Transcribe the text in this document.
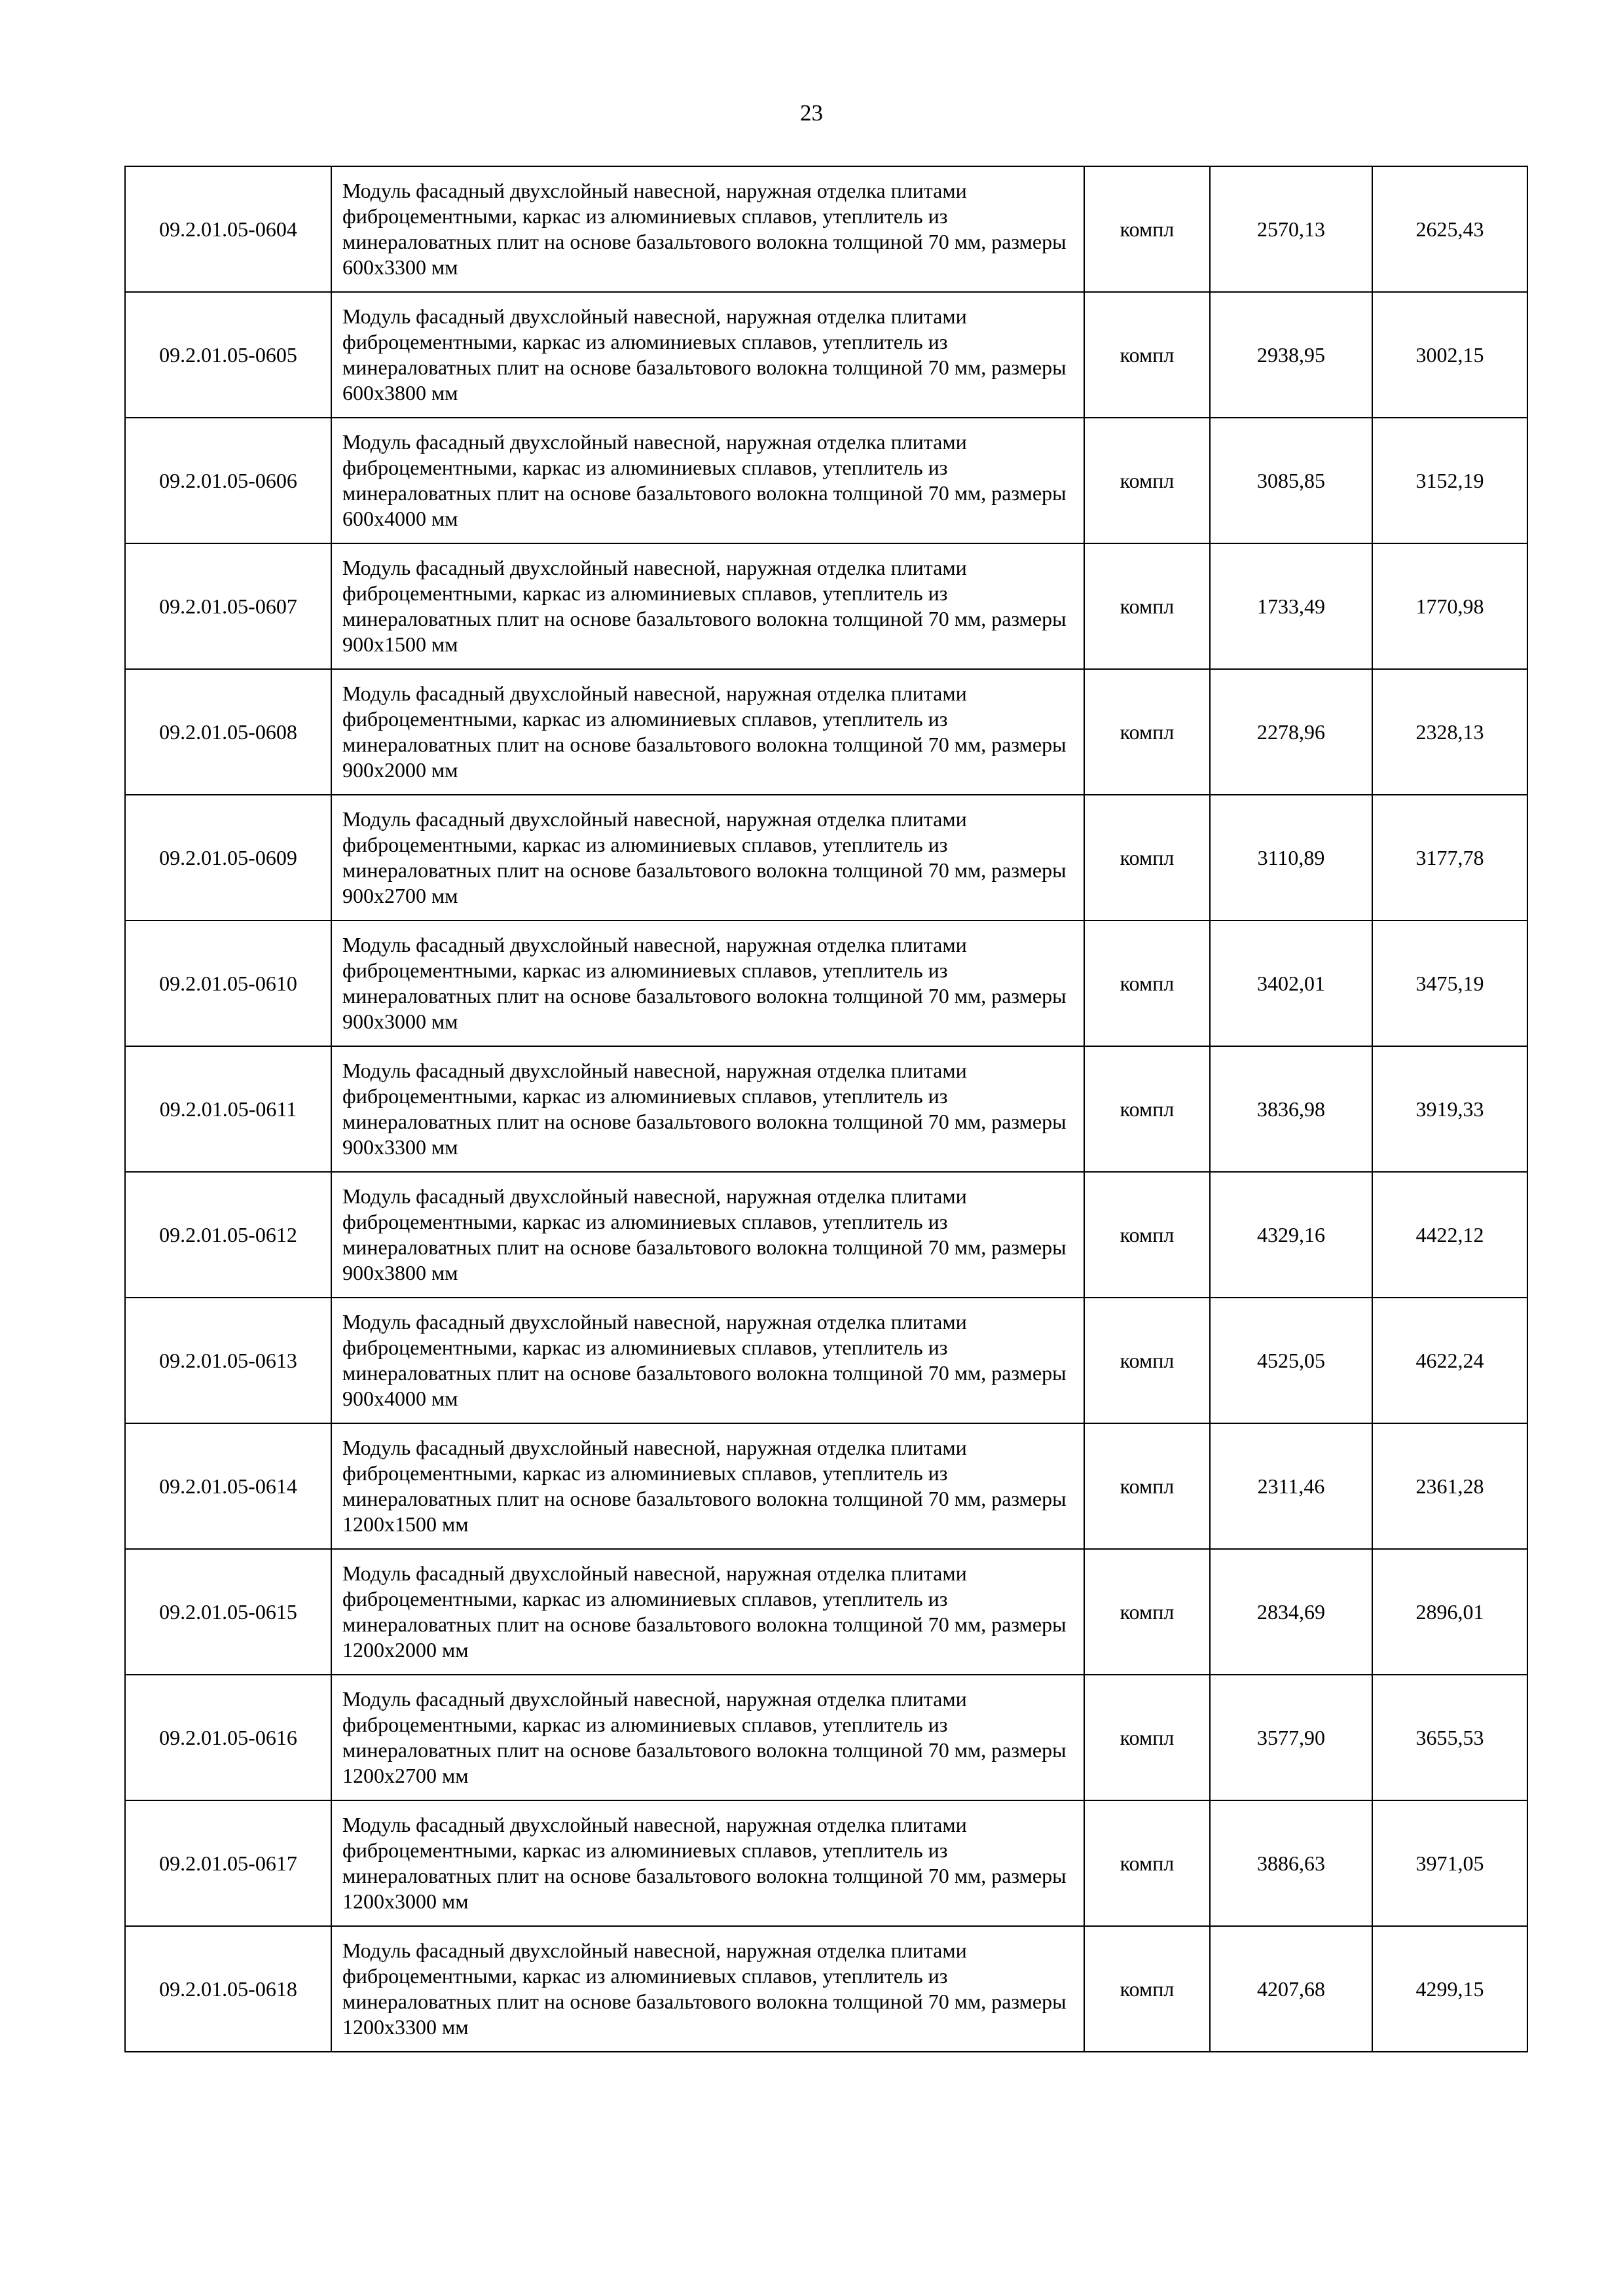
23
09.2.01.05-0604	Модуль фасадный двухслойный навесной, наружная отделка плитами фиброцементными, каркас из алюминиевых сплавов, утеплитель из минераловатных плит на основе базальтового волокна толщиной 70 мм, размеры 600х3300 мм	компл	2570,13	2625,43
09.2.01.05-0605	Модуль фасадный двухслойный навесной, наружная отделка плитами фиброцементными, каркас из алюминиевых сплавов, утеплитель из минераловатных плит на основе базальтового волокна толщиной 70 мм, размеры 600х3800 мм	компл	2938,95	3002,15
09.2.01.05-0606	Модуль фасадный двухслойный навесной, наружная отделка плитами фиброцементными, каркас из алюминиевых сплавов, утеплитель из минераловатных плит на основе базальтового волокна толщиной 70 мм, размеры 600х4000 мм	компл	3085,85	3152,19
09.2.01.05-0607	Модуль фасадный двухслойный навесной, наружная отделка плитами фиброцементными, каркас из алюминиевых сплавов, утеплитель из минераловатных плит на основе базальтового волокна толщиной 70 мм, размеры 900х1500 мм	компл	1733,49	1770,98
09.2.01.05-0608	Модуль фасадный двухслойный навесной, наружная отделка плитами фиброцементными, каркас из алюминиевых сплавов, утеплитель из минераловатных плит на основе базальтового волокна толщиной 70 мм, размеры 900х2000 мм	компл	2278,96	2328,13
09.2.01.05-0609	Модуль фасадный двухслойный навесной, наружная отделка плитами фиброцементными, каркас из алюминиевых сплавов, утеплитель из минераловатных плит на основе базальтового волокна толщиной 70 мм, размеры 900х2700 мм	компл	3110,89	3177,78
09.2.01.05-0610	Модуль фасадный двухслойный навесной, наружная отделка плитами фиброцементными, каркас из алюминиевых сплавов, утеплитель из минераловатных плит на основе базальтового волокна толщиной 70 мм, размеры 900х3000 мм	компл	3402,01	3475,19
09.2.01.05-0611	Модуль фасадный двухслойный навесной, наружная отделка плитами фиброцементными, каркас из алюминиевых сплавов, утеплитель из минераловатных плит на основе базальтового волокна толщиной 70 мм, размеры 900х3300 мм	компл	3836,98	3919,33
09.2.01.05-0612	Модуль фасадный двухслойный навесной, наружная отделка плитами фиброцементными, каркас из алюминиевых сплавов, утеплитель из минераловатных плит на основе базальтового волокна толщиной 70 мм, размеры 900х3800 мм	компл	4329,16	4422,12
09.2.01.05-0613	Модуль фасадный двухслойный навесной, наружная отделка плитами фиброцементными, каркас из алюминиевых сплавов, утеплитель из минераловатных плит на основе базальтового волокна толщиной 70 мм, размеры 900х4000 мм	компл	4525,05	4622,24
09.2.01.05-0614	Модуль фасадный двухслойный навесной, наружная отделка плитами фиброцементными, каркас из алюминиевых сплавов, утеплитель из минераловатных плит на основе базальтового волокна толщиной 70 мм, размеры 1200х1500 мм	компл	2311,46	2361,28
09.2.01.05-0615	Модуль фасадный двухслойный навесной, наружная отделка плитами фиброцементными, каркас из алюминиевых сплавов, утеплитель из минераловатных плит на основе базальтового волокна толщиной 70 мм, размеры 1200х2000 мм	компл	2834,69	2896,01
09.2.01.05-0616	Модуль фасадный двухслойный навесной, наружная отделка плитами фиброцементными, каркас из алюминиевых сплавов, утеплитель из минераловатных плит на основе базальтового волокна толщиной 70 мм, размеры 1200х2700 мм	компл	3577,90	3655,53
09.2.01.05-0617	Модуль фасадный двухслойный навесной, наружная отделка плитами фиброцементными, каркас из алюминиевых сплавов, утеплитель из минераловатных плит на основе базальтового волокна толщиной 70 мм, размеры 1200х3000 мм	компл	3886,63	3971,05
09.2.01.05-0618	Модуль фасадный двухслойный навесной, наружная отделка плитами фиброцементными, каркас из алюминиевых сплавов, утеплитель из минераловатных плит на основе базальтового волокна толщиной 70 мм, размеры 1200х3300 мм	компл	4207,68	4299,15
